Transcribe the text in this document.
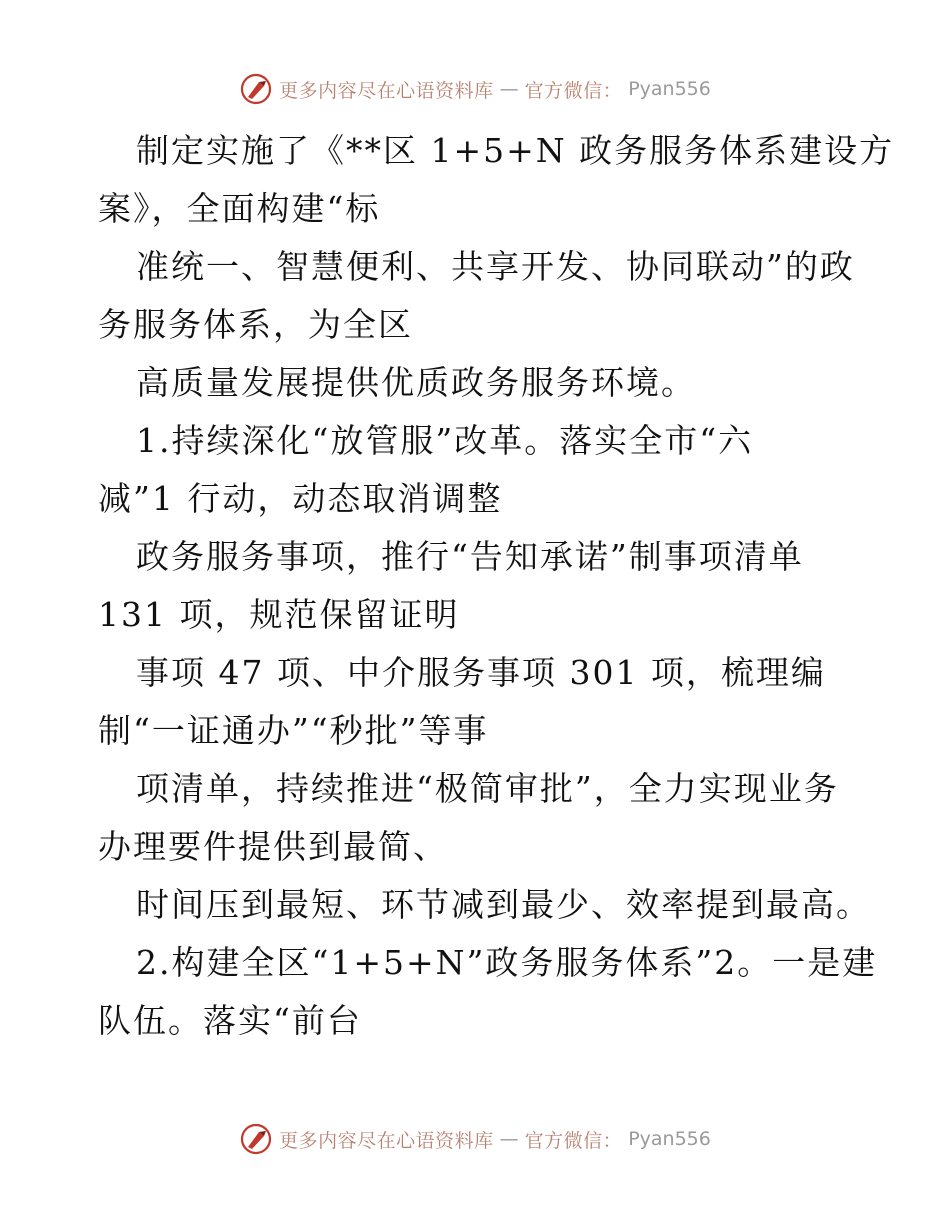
更多内容尽在心语资料库 — 官方微信： Pyan556
制定实施了《**区 1+5+N 政务服务体系建设方
案》，全面构建“标
准统一、智慧便利、共享开发、协同联动”的政
务服务体系，为全区
高质量发展提供优质政务服务环境。
1.持续深化“放管服”改革。落实全市“六
减”1 行动，动态取消调整
政务服务事项，推行“告知承诺”制事项清单
131 项，规范保留证明
事项 47 项、中介服务事项 301 项，梳理编
制“一证通办”“秒批”等事
项清单，持续推进“极简审批”，全力实现业务
办理要件提供到最简、
时间压到最短、环节减到最少、效率提到最高。
2.构建全区“1+5+N”政务服务体系”2。一是建
队伍。落实“前台
更多内容尽在心语资料库 — 官方微信： Pyan556
